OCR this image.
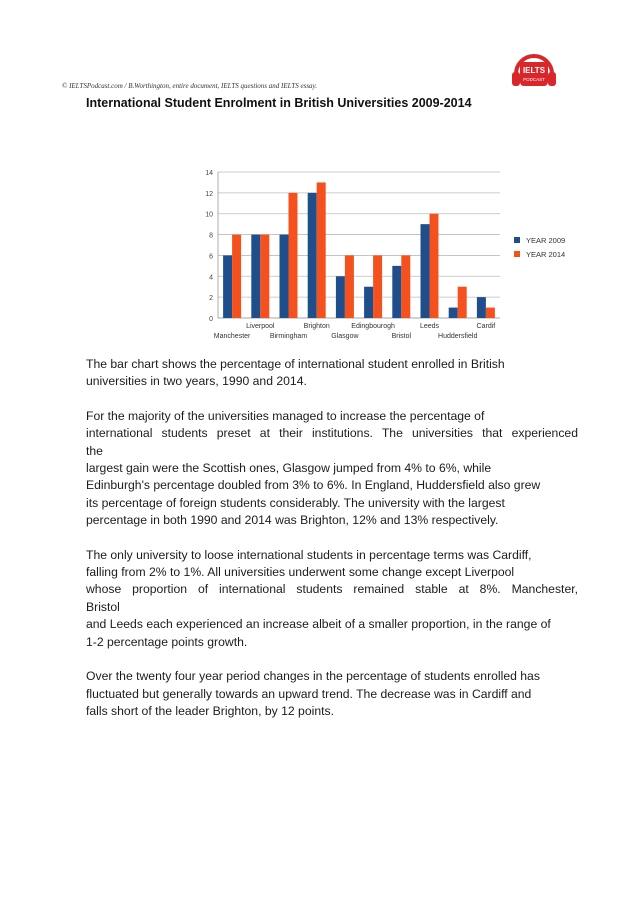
© IELTSPodcast.com / B.Worthington, entire document, IELTS questions and IELTS essay.
IELTS
PODCAST
International Student Enrolment in British Universities 2009-2014
0
2
4
6
8
10
12
14
Manchester
Liverpool
Birmingham
Brighton
Glasgow
Edingbourogh
Bristol
Leeds
Huddersfield
Cardif
YEAR 2009
YEAR 2014

The bar chart shows the percentage of international student enrolled in British
universities in two years, 1990 and 2014.

For the majority of the universities managed to increase the percentage of
international students preset at their institutions. The universities that experienced
the
largest gain were the Scottish ones, Glasgow jumped from 4% to 6%, while
Edinburgh's percentage doubled from 3% to 6%. In England, Huddersfield also grew
its percentage of foreign students considerably. The university with the largest
percentage in both 1990 and 2014 was Brighton, 12% and 13% respectively.

The only university to loose international students in percentage terms was Cardiff,
falling from 2% to 1%. All universities underwent some change except Liverpool
whose proportion of international students remained stable at 8%. Manchester,
Bristol
and Leeds each experienced an increase albeit of a smaller proportion, in the range of
1-2 percentage points growth.

Over the twenty four year period changes in the percentage of students enrolled has
fluctuated but generally towards an upward trend. The decrease was in Cardiff and
falls short of the leader Brighton, by 12 points.
